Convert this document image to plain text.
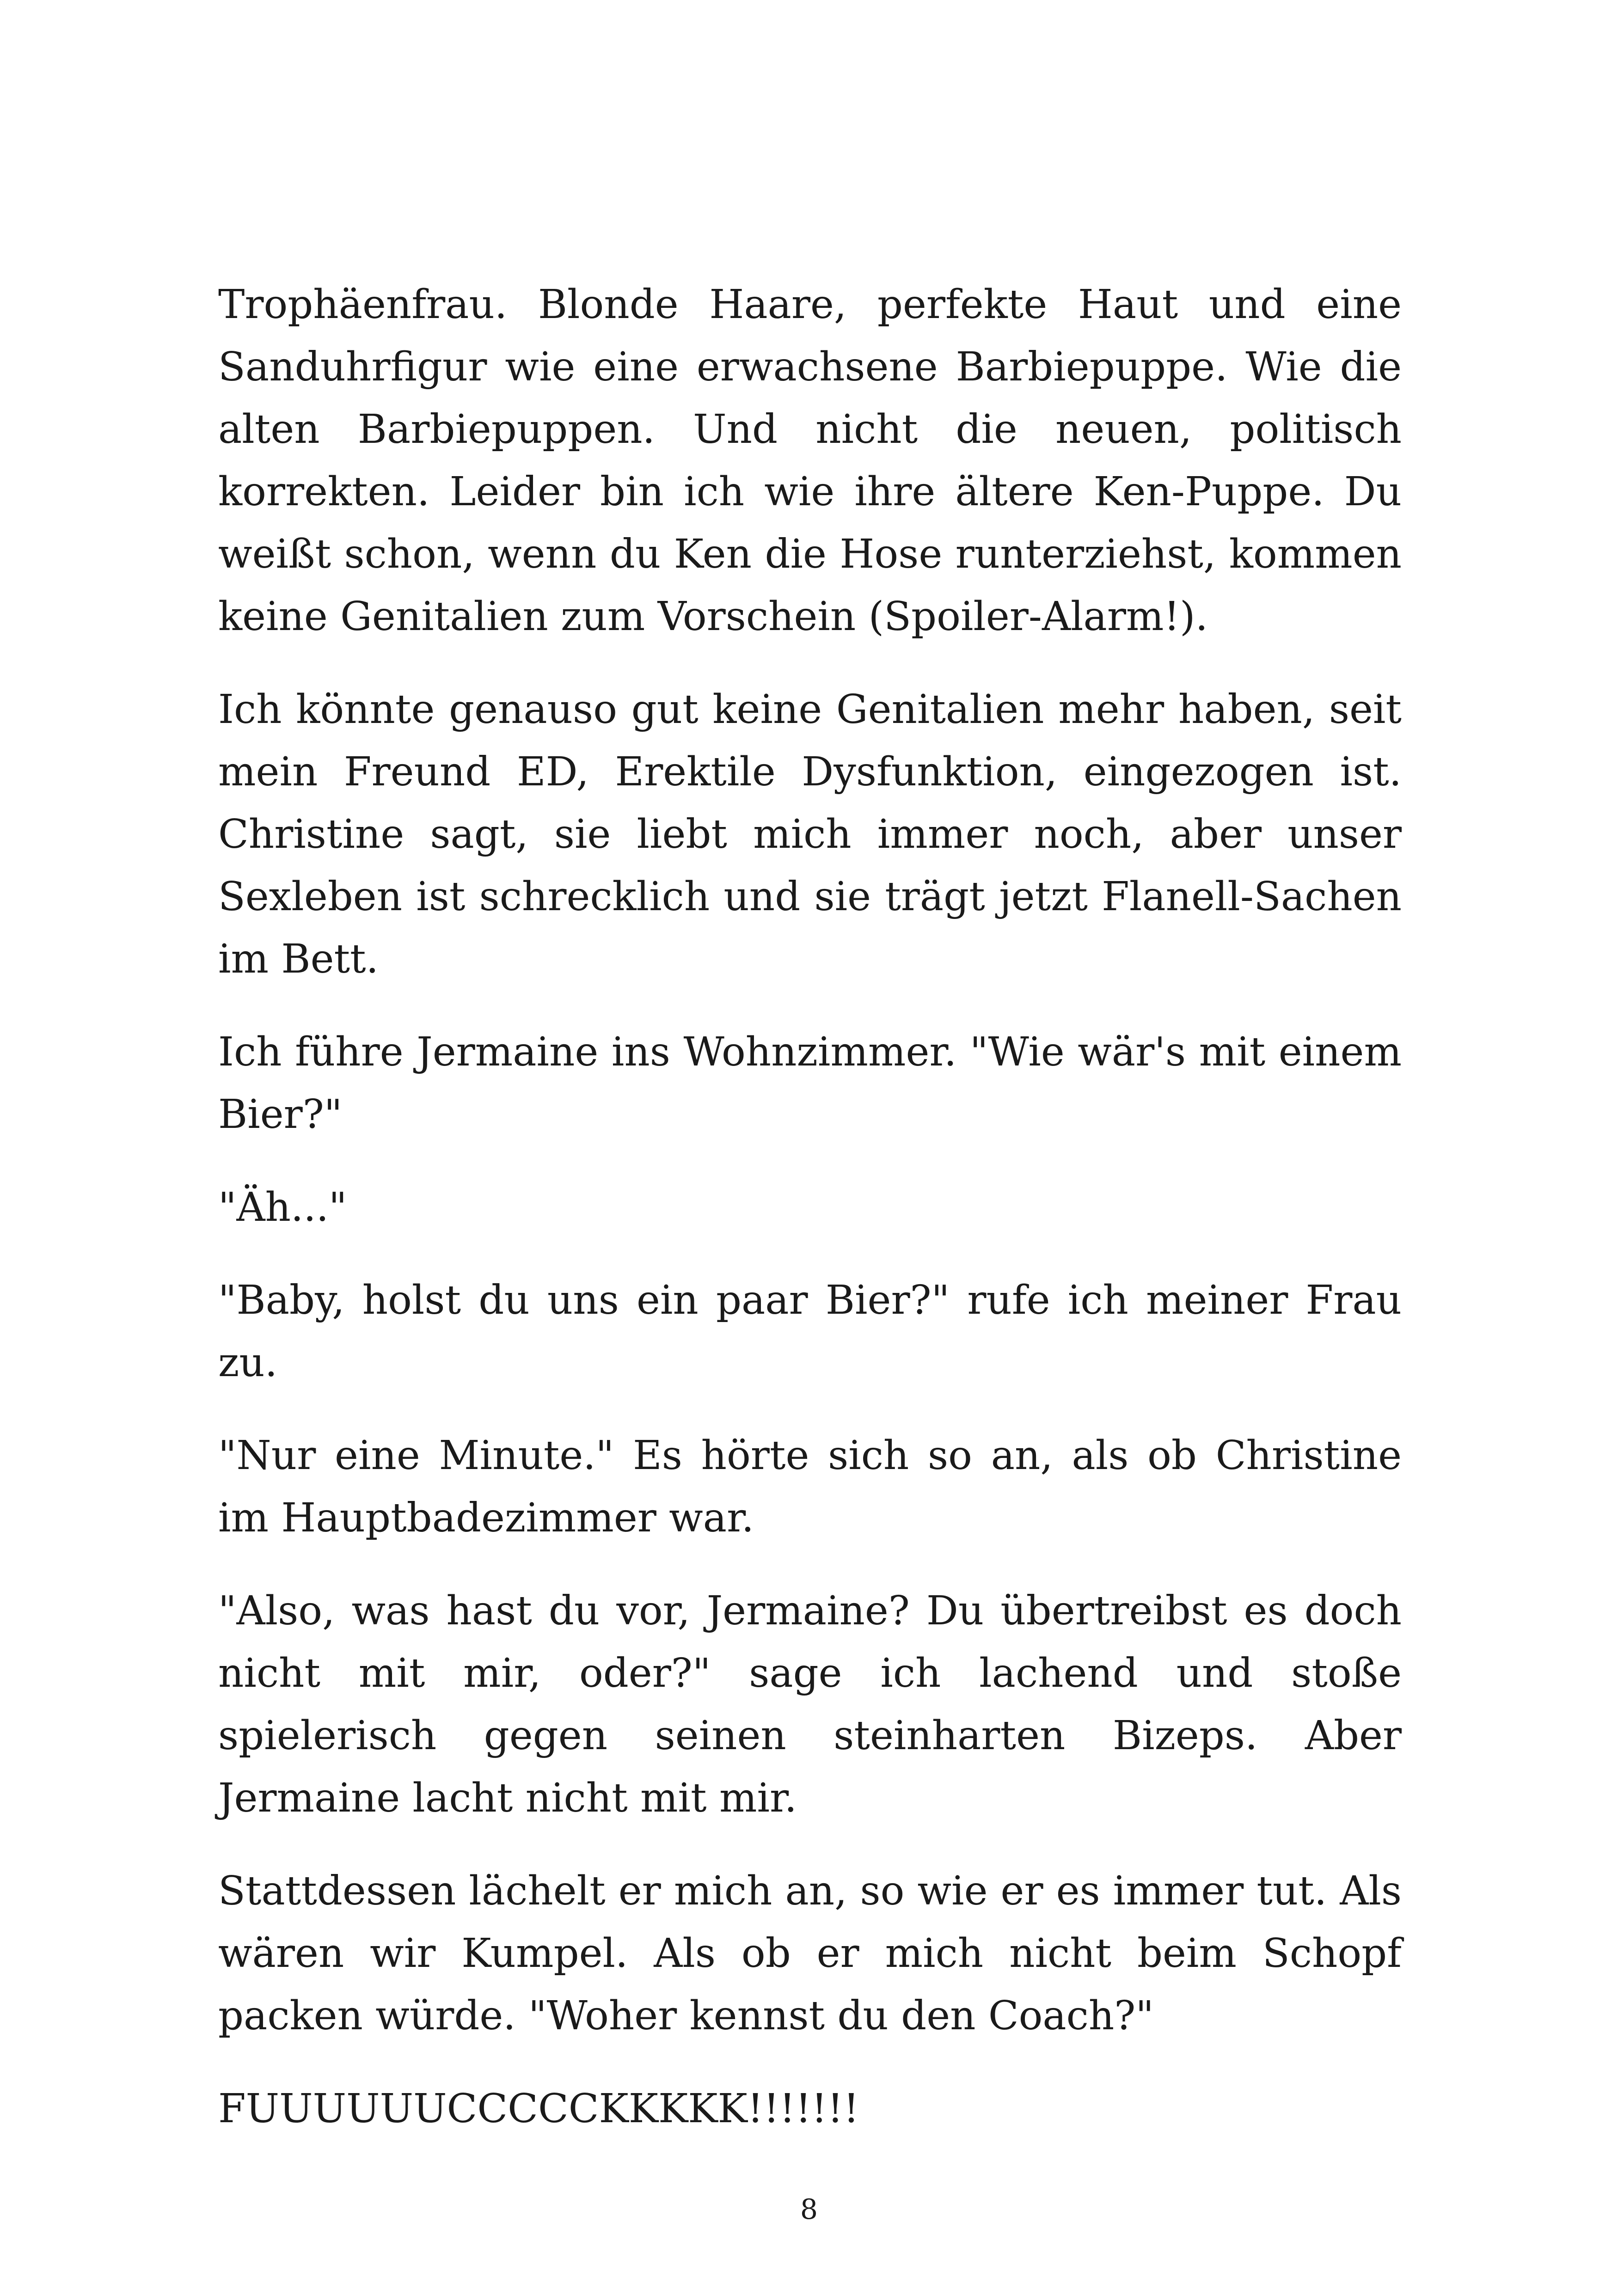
Trophäenfrau. Blonde Haare, perfekte Haut und eine Sanduhrfigur wie eine erwachsene Barbiepuppe. Wie die alten Barbiepuppen. Und nicht die neuen, politisch korrekten. Leider bin ich wie ihre ältere Ken-Puppe. Du weißt schon, wenn du Ken die Hose runterziehst, kommen keine Genitalien zum Vorschein (Spoiler-Alarm!).

Ich könnte genauso gut keine Genitalien mehr haben, seit mein Freund ED, Erektile Dysfunktion, eingezogen ist. Christine sagt, sie liebt mich immer noch, aber unser Sexleben ist schrecklich und sie trägt jetzt Flanell-Sachen im Bett.

Ich führe Jermaine ins Wohnzimmer. "Wie wär's mit einem Bier?"

"Äh..."

"Baby, holst du uns ein paar Bier?" rufe ich meiner Frau zu.

"Nur eine Minute." Es hörte sich so an, als ob Christine im Hauptbadezimmer war.

"Also, was hast du vor, Jermaine? Du übertreibst es doch nicht mit mir, oder?" sage ich lachend und stoße spielerisch gegen seinen steinharten Bizeps. Aber Jermaine lacht nicht mit mir.

Stattdessen lächelt er mich an, so wie er es immer tut. Als wären wir Kumpel. Als ob er mich nicht beim Schopf packen würde. "Woher kennst du den Coach?"

FUUUUUUCCCCCKKKKK!!!!!!!

8
